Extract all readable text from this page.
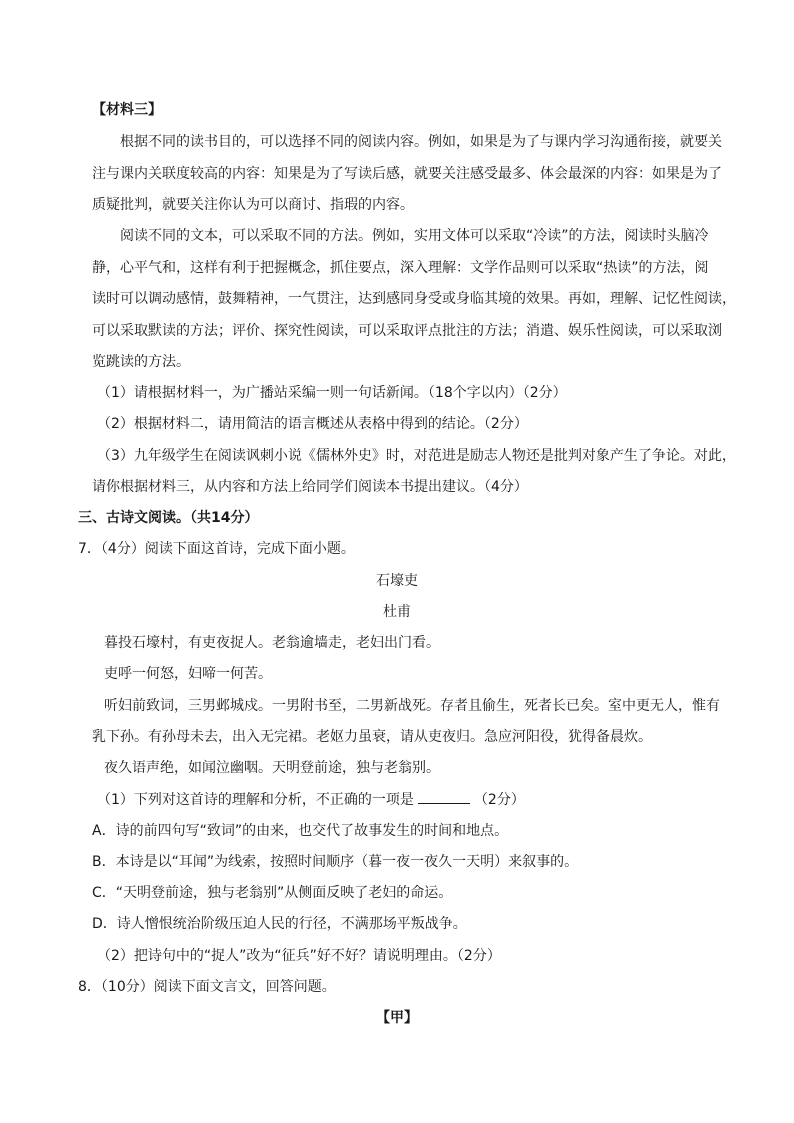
【材料三】
根据不同的读书目的，可以选择不同的阅读内容。例如，如果是为了与课内学习沟通衔接，就要关
注与课内关联度较高的内容：知果是为了写读后感，就要关注感受最多、体会最深的内容：如果是为了
质疑批判，就要关注你认为可以商讨、指瑕的内容。
阅读不同的文本，可以采取不同的方法。例如，实用文体可以采取“冷读”的方法，阅读时头脑冷
静，心平气和，这样有利于把握概念，抓住要点，深入理解：文学作品则可以采取“热读”的方法，阅
读时可以调动感情，鼓舞精神，一气贯注，达到感同身受或身临其境的效果。再如，理解、记忆性阅读，
可以采取默读的方法；评价、探究性阅读，可以采取评点批注的方法；消遣、娱乐性阅读，可以采取浏
览跳读的方法。
（1）请根据材料一，为广播站采编一则一句话新闻。（18个字以内）（2分）
（2）根据材料二，请用简洁的语言概述从表格中得到的结论。（2分）
（3）九年级学生在阅读讽刺小说《儒林外史》时，对范进是励志人物还是批判对象产生了争论。对此，
请你根据材料三，从内容和方法上给同学们阅读本书提出建议。（4分）
三、古诗文阅读。（共14分）
7．（4分）阅读下面这首诗，完成下面小题。
石壕吏
杜甫
暮投石壕村，有吏夜捉人。老翁逾墙走，老妇出门看。
吏呼一何怒，妇啼一何苦。
听妇前致词，三男邺城戍。一男附书至，二男新战死。存者且偷生，死者长已矣。室中更无人，惟有
乳下孙。有孙母未去，出入无完裙。老妪力虽衰，请从吏夜归。急应河阳役，犹得备晨炊。
夜久语声绝，如闻泣幽咽。天明登前途，独与老翁别。
（1）下列对这首诗的理解和分析，不正确的一项是	（2分）
A．诗的前四句写“致词”的由来，也交代了故事发生的时间和地点。
B．本诗是以“耳闻”为线索，按照时间顺序（暮一夜一夜久一天明）来叙事的。
C．“天明登前途，独与老翁别”从侧面反映了老妇的命运。
D．诗人憎恨统治阶级压迫人民的行径，不满那场平叛战争。
（2）把诗句中的“捉人”改为“征兵”好不好？请说明理由。（2分）
8．（10分）阅读下面文言文，回答问题。
【甲】
